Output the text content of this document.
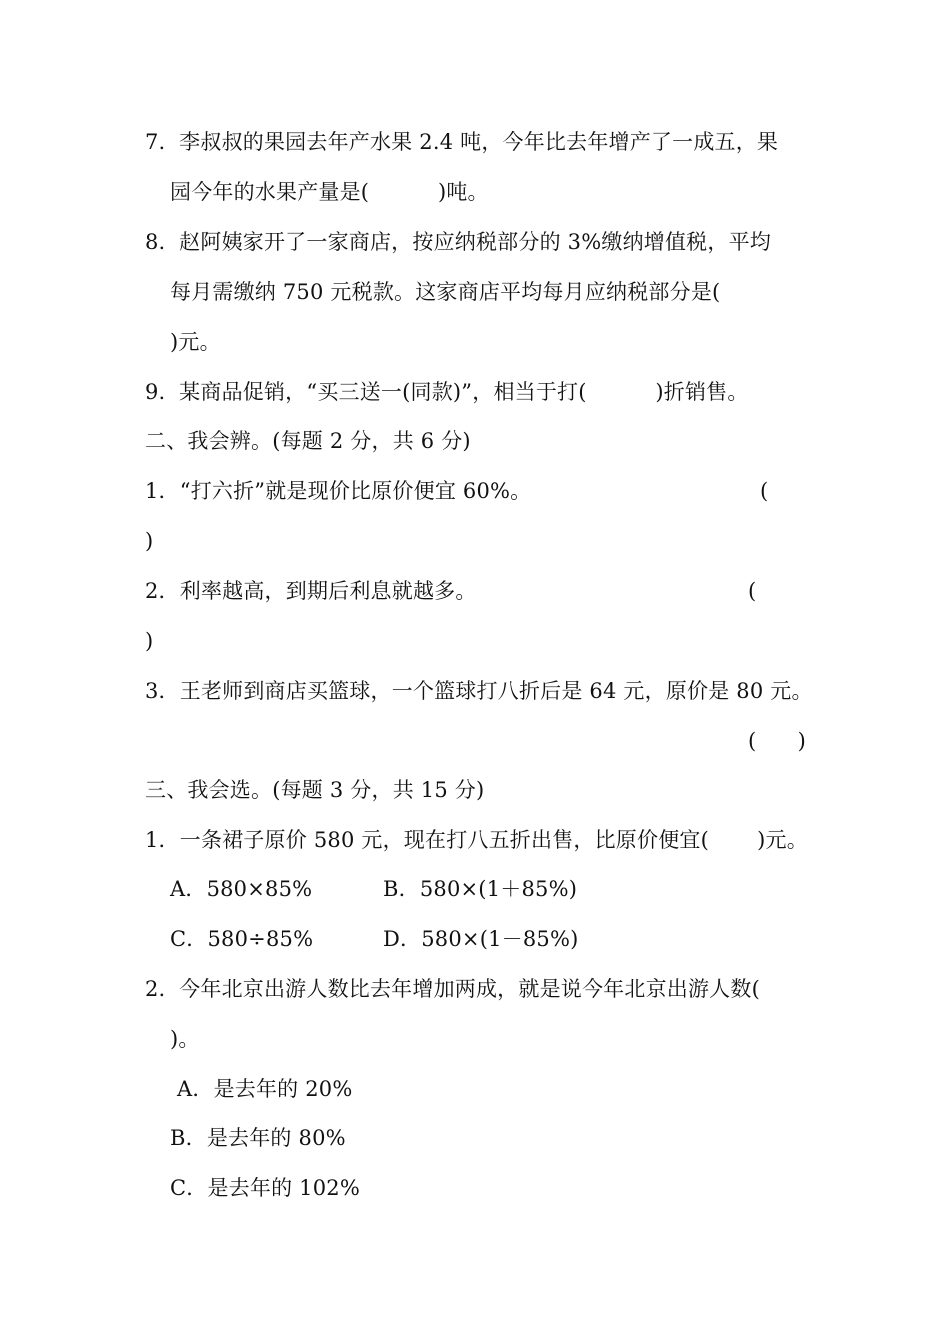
7.  李叔叔的果园去年产水果 2.4 吨，今年比去年增产了一成五，果
园今年的水果产量是(          )吨。
8.  赵阿姨家开了一家商店，按应纳税部分的 3%缴纳增值税，平均
每月需缴纳 750 元税款。这家商店平均每月应纳税部分是(
)元。
9.  某商品促销，“买三送一(同款)”，相当于打(          )折销售。
二、我会辨。(每题 2 分，共 6 分)
1．“打六折”就是现价比原价便宜 60%。	(
)
2．利率越高，到期后利息就越多。	(
)
3．王老师到商店买篮球，一个篮球打八折后是 64 元，原价是 80 元。
(      )
三、我会选。(每题 3 分，共 15 分)
1．一条裙子原价 580 元，现在打八五折出售，比原价便宜(       )元。
A．580×85%	B．580×(1＋85%)
C．580÷85%	D．580×(1－85%)
2.  今年北京出游人数比去年增加两成，就是说今年北京出游人数(
)。
A．是去年的 20%
B．是去年的 80%
C．是去年的 102%
